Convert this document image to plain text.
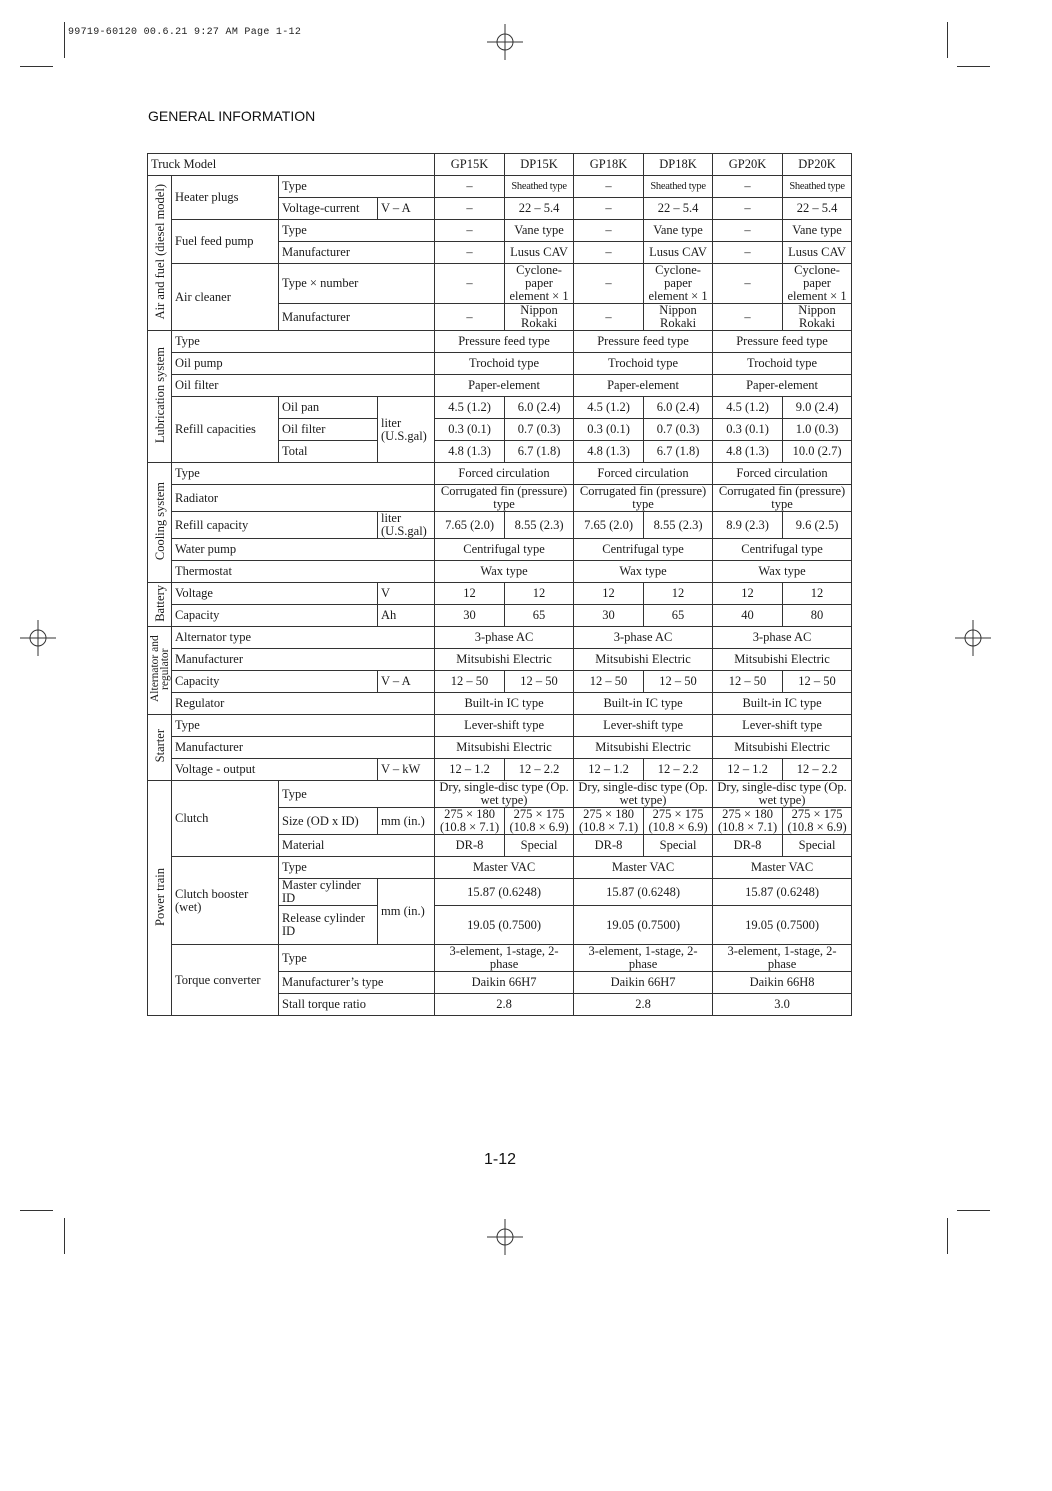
99719-60120 00.6.21 9:27 AM Page 1-12
GENERAL INFORMATION
Truck Model				GP15K	DP15K	GP18K	DP18K	GP20K	DP20K
Air and fuel (diesel model)	Heater plugs	Type		–	Sheathed type	–	Sheathed type	–	Sheathed type
		Voltage-current	V – A	–	22 – 5.4	–	22 – 5.4	–	22 – 5.4
	Fuel feed pump	Type		–	Vane type	–	Vane type	–	Vane type
		Manufacturer		–	Lusus CAV	–	Lusus CAV	–	Lusus CAV
	Air cleaner	Type × number		–	Cyclone-paper element × 1	–	Cyclone-paper element × 1	–	Cyclone-paper element × 1
		Manufacturer		–	Nippon Rokaki	–	Nippon Rokaki	–	Nippon Rokaki
Lubrication system	Type			Pressure feed type		Pressure feed type		Pressure feed type	
	Oil pump			Trochoid type		Trochoid type		Trochoid type	
	Oil filter			Paper-element		Paper-element		Paper-element	
	Refill capacities	Oil pan	liter (U.S.gal)	4.5 (1.2)	6.0 (2.4)	4.5 (1.2)	6.0 (2.4)	4.5 (1.2)	9.0 (2.4)
		Oil filter		0.3 (0.1)	0.7 (0.3)	0.3 (0.1)	0.7 (0.3)	0.3 (0.1)	1.0 (0.3)
		Total		4.8 (1.3)	6.7 (1.8)	4.8 (1.3)	6.7 (1.8)	4.8 (1.3)	10.0 (2.7)
Cooling system	Type			Forced circulation		Forced circulation		Forced circulation	
	Radiator			Corrugated fin (pressure) type		Corrugated fin (pressure) type		Corrugated fin (pressure) type	
	Refill capacity		liter (U.S.gal)	7.65 (2.0)	8.55 (2.3)	7.65 (2.0)	8.55 (2.3)	8.9 (2.3)	9.6 (2.5)
	Water pump			Centrifugal type		Centrifugal type		Centrifugal type	
	Thermostat			Wax type		Wax type		Wax type	
Battery	Voltage		V	12	12	12	12	12	12
	Capacity		Ah	30	65	30	65	40	80
Alternator and regulator	Alternator type			3-phase AC		3-phase AC		3-phase AC	
	Manufacturer			Mitsubishi Electric		Mitsubishi Electric		Mitsubishi Electric	
	Capacity		V – A	12 – 50	12 – 50	12 – 50	12 – 50	12 – 50	12 – 50
	Regulator			Built-in IC type		Built-in IC type		Built-in IC type	
Starter	Type			Lever-shift type		Lever-shift type		Lever-shift type	
	Manufacturer			Mitsubishi Electric		Mitsubishi Electric		Mitsubishi Electric	
	Voltage - output		V – kW	12 – 1.2	12 – 2.2	12 – 1.2	12 – 2.2	12 – 1.2	12 – 2.2
Power train	Clutch	Type		Dry, single-disc type (Op. wet type)		Dry, single-disc type (Op. wet type)		Dry, single-disc type (Op. wet type)	
		Size (OD x ID)	mm (in.)	275 × 180 (10.8 × 7.1)	275 × 175 (10.8 × 6.9)	275 × 180 (10.8 × 7.1)	275 × 175 (10.8 × 6.9)	275 × 180 (10.8 × 7.1)	275 × 175 (10.8 × 6.9)
		Material		DR-8	Special	DR-8	Special	DR-8	Special
	Clutch booster (wet)	Type		Master VAC		Master VAC		Master VAC	
		Master cylinder ID	mm (in.)	15.87 (0.6248)		15.87 (0.6248)		15.87 (0.6248)	
		Release cylinder ID		19.05 (0.7500)		19.05 (0.7500)		19.05 (0.7500)	
	Torque converter	Type		3-element, 1-stage, 2-phase		3-element, 1-stage, 2-phase		3-element, 1-stage, 2-phase	
		Manufacturer’s type		Daikin 66H7		Daikin 66H7		Daikin 66H8	
		Stall torque ratio		2.8		2.8		3.0	
1-12
